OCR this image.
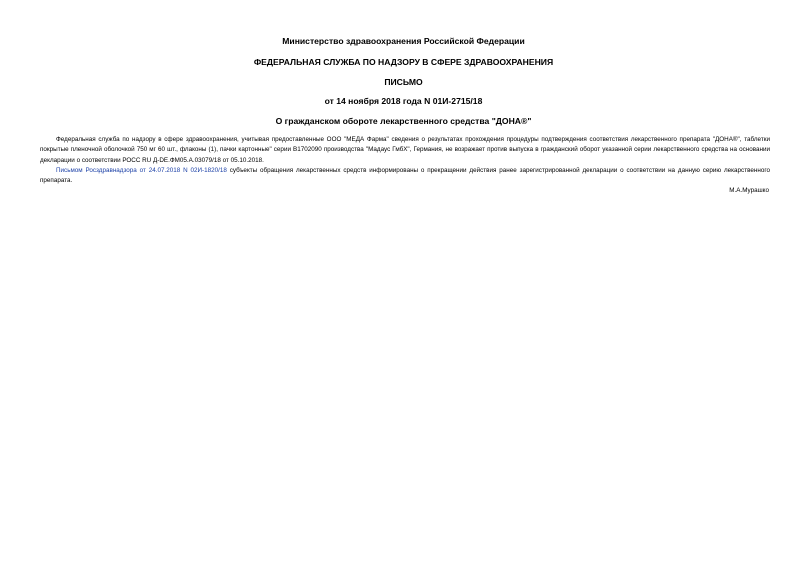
Министерство здравоохранения Российской Федерации
ФЕДЕРАЛЬНАЯ СЛУЖБА ПО НАДЗОРУ В СФЕРЕ ЗДРАВООХРАНЕНИЯ
ПИСЬМО
от 14 ноября 2018 года N 01И-2715/18
О гражданском обороте лекарственного средства "ДОНА®"

Федеральная служба по надзору в сфере здравоохранения, учитывая предоставленные ООО "МЕДА Фарма" сведения о результатах прохождения процедуры подтверждения соответствия лекарственного препарата "ДОНА®", таблетки покрытые пленочной оболочкой 750 мг 60 шт., флаконы (1), пачки картонные" серии B1702090 производства "Мадаус ГмбХ", Германия, не возражает против выпуска в гражданский оборот указанной серии лекарственного средства на основании декларации о соответствии РОСС RU Д-DE.ФМ05.А.03079/18 от 05.10.2018.

Письмом Росздравнадзора от 24.07.2018 N 02И-1820/18 субъекты обращения лекарственных средств информированы о прекращении действия ранее зарегистрированной декларации о соответствии на данную серию лекарственного препарата.

М.А.Мурашко
